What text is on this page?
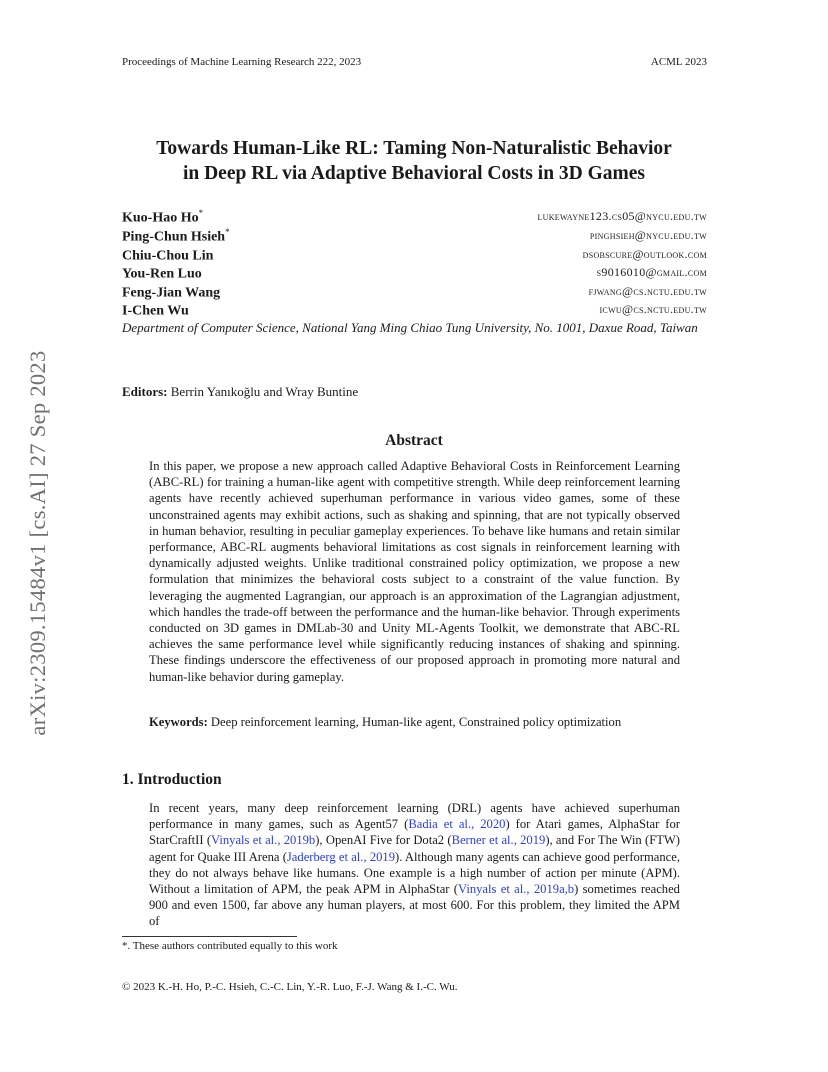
Proceedings of Machine Learning Research 222, 2023	ACML 2023
arXiv:2309.15484v1 [cs.AI] 27 Sep 2023
Towards Human-Like RL: Taming Non-Naturalistic Behavior
in Deep RL via Adaptive Behavioral Costs in 3D Games
Kuo-Hao Ho*	lukewayne123.cs05@nycu.edu.tw
Ping-Chun Hsieh*	pinghsieh@nycu.edu.tw
Chiu-Chou Lin	dsobscure@outlook.com
You-Ren Luo	s9016010@gmail.com
Feng-Jian Wang	fjwang@cs.nctu.edu.tw
I-Chen Wu	icwu@cs.nctu.edu.tw
Department of Computer Science, National Yang Ming Chiao Tung University, No. 1001, Daxue Road, Taiwan
Editors: Berrin Yanıkoğlu and Wray Buntine
Abstract

In this paper, we propose a new approach called Adaptive Behavioral Costs in Reinforcement Learning (ABC-RL) for training a human-like agent with competitive strength. While deep reinforcement learning agents have recently achieved superhuman performance in various video games, some of these unconstrained agents may exhibit actions, such as shaking and spinning, that are not typically observed in human behavior, resulting in peculiar gameplay experiences. To behave like humans and retain similar performance, ABC-RL augments behavioral limitations as cost signals in reinforcement learning with dynamically adjusted weights. Unlike traditional constrained policy optimization, we propose a new formulation that minimizes the behavioral costs subject to a constraint of the value function. By leveraging the augmented Lagrangian, our approach is an approximation of the Lagrangian adjustment, which handles the trade-off between the performance and the human-like behavior. Through experiments conducted on 3D games in DMLab-30 and Unity ML-Agents Toolkit, we demonstrate that ABC-RL achieves the same performance level while significantly reducing instances of shaking and spinning. These findings underscore the effectiveness of our proposed approach in promoting more natural and human-like behavior during gameplay.

Keywords: Deep reinforcement learning, Human-like agent, Constrained policy optimization

1. Introduction

In recent years, many deep reinforcement learning (DRL) agents have achieved superhuman performance in many games, such as Agent57 (Badia et al., 2020) for Atari games, AlphaStar for StarCraftII (Vinyals et al., 2019b), OpenAI Five for Dota2 (Berner et al., 2019), and For The Win (FTW) agent for Quake III Arena (Jaderberg et al., 2019). Although many agents can achieve good performance, they do not always behave like humans. One example is a high number of action per minute (APM). Without a limitation of APM, the peak APM in AlphaStar (Vinyals et al., 2019a,b) sometimes reached 900 and even 1500, far above any human players, at most 600. For this problem, they limited the APM of

*. These authors contributed equally to this work
© 2023 K.-H. Ho, P.-C. Hsieh, C.-C. Lin, Y.-R. Luo, F.-J. Wang & I.-C. Wu.
